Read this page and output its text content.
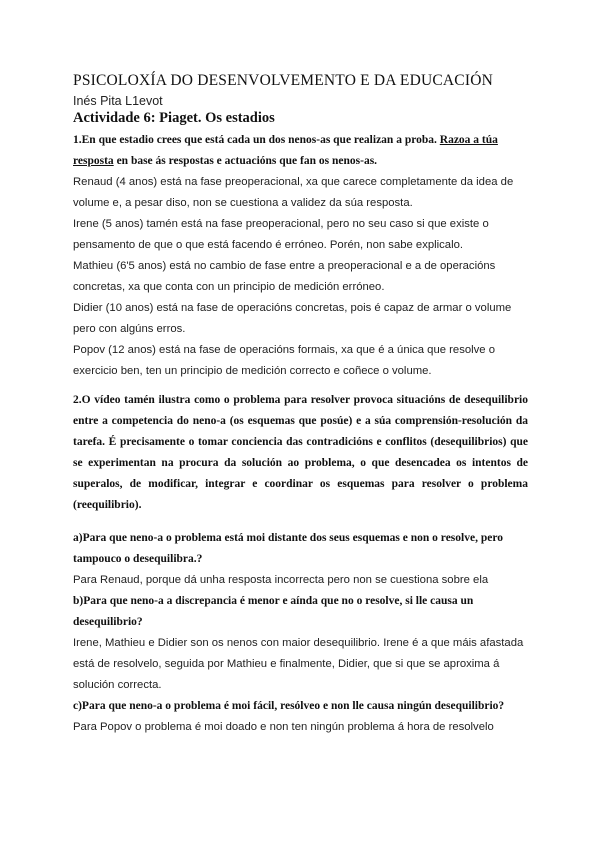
PSICOLOXÍA DO DESENVOLVEMENTO E DA EDUCACIÓN
Inés Pita L1evot
Actividade 6: Piaget. Os estadios

1.En que estadio crees que está cada un dos nenos-as que realizan a proba. Razoa a túa
resposta en base ás respostas e actuacións que fan os nenos-as.

Renaud (4 anos) está na fase preoperacional, xa que carece completamente da idea de volume e, a pesar diso, non se cuestiona a validez da súa resposta.

Irene (5 anos) tamén está na fase preoperacional, pero no seu caso si que existe o pensamento de que o que está facendo é erróneo. Porén, non sabe explicalo.

Mathieu (6'5 anos) está no cambio de fase entre a preoperacional e a de operacións concretas, xa que conta con un principio de medición erróneo.

Didier (10 anos) está na fase de operacións concretas, pois é capaz de armar o volume pero con algúns erros.

Popov (12 anos) está na fase de operacións formais, xa que é a única que resolve o exercicio ben, ten un principio de medición correcto e coñece o volume.

2.O vídeo tamén ilustra como o problema para resolver provoca situacións de desequilibrio entre a competencia do neno-a (os esquemas que posúe) e a súa comprensión-resolución da tarefa. É precisamente o tomar conciencia das contradicións e conflitos (desequilibrios) que se experimentan na procura da solución ao problema, o que desencadea os intentos de superalos, de modificar, integrar e coordinar os esquemas para resolver o problema (reequilibrio).

a)Para que neno-a o problema está moi distante dos seus esquemas e non o resolve, pero tampouco o desequilibra.?

Para Renaud, porque dá unha resposta incorrecta pero non se cuestiona sobre ela

b)Para que neno-a a discrepancia é menor e aínda que no o resolve, si lle causa un desequilibrio?

Irene, Mathieu e Didier son os nenos con maior desequilibrio. Irene é a que máis afastada está de resolvelo, seguida por Mathieu e finalmente, Didier, que si que se aproxima á solución correcta.

c)Para que neno-a o problema é moi fácil, resólveo e non lle causa ningún desequilibrio?

Para Popov o problema é moi doado e non ten ningún problema á hora de resolvelo
